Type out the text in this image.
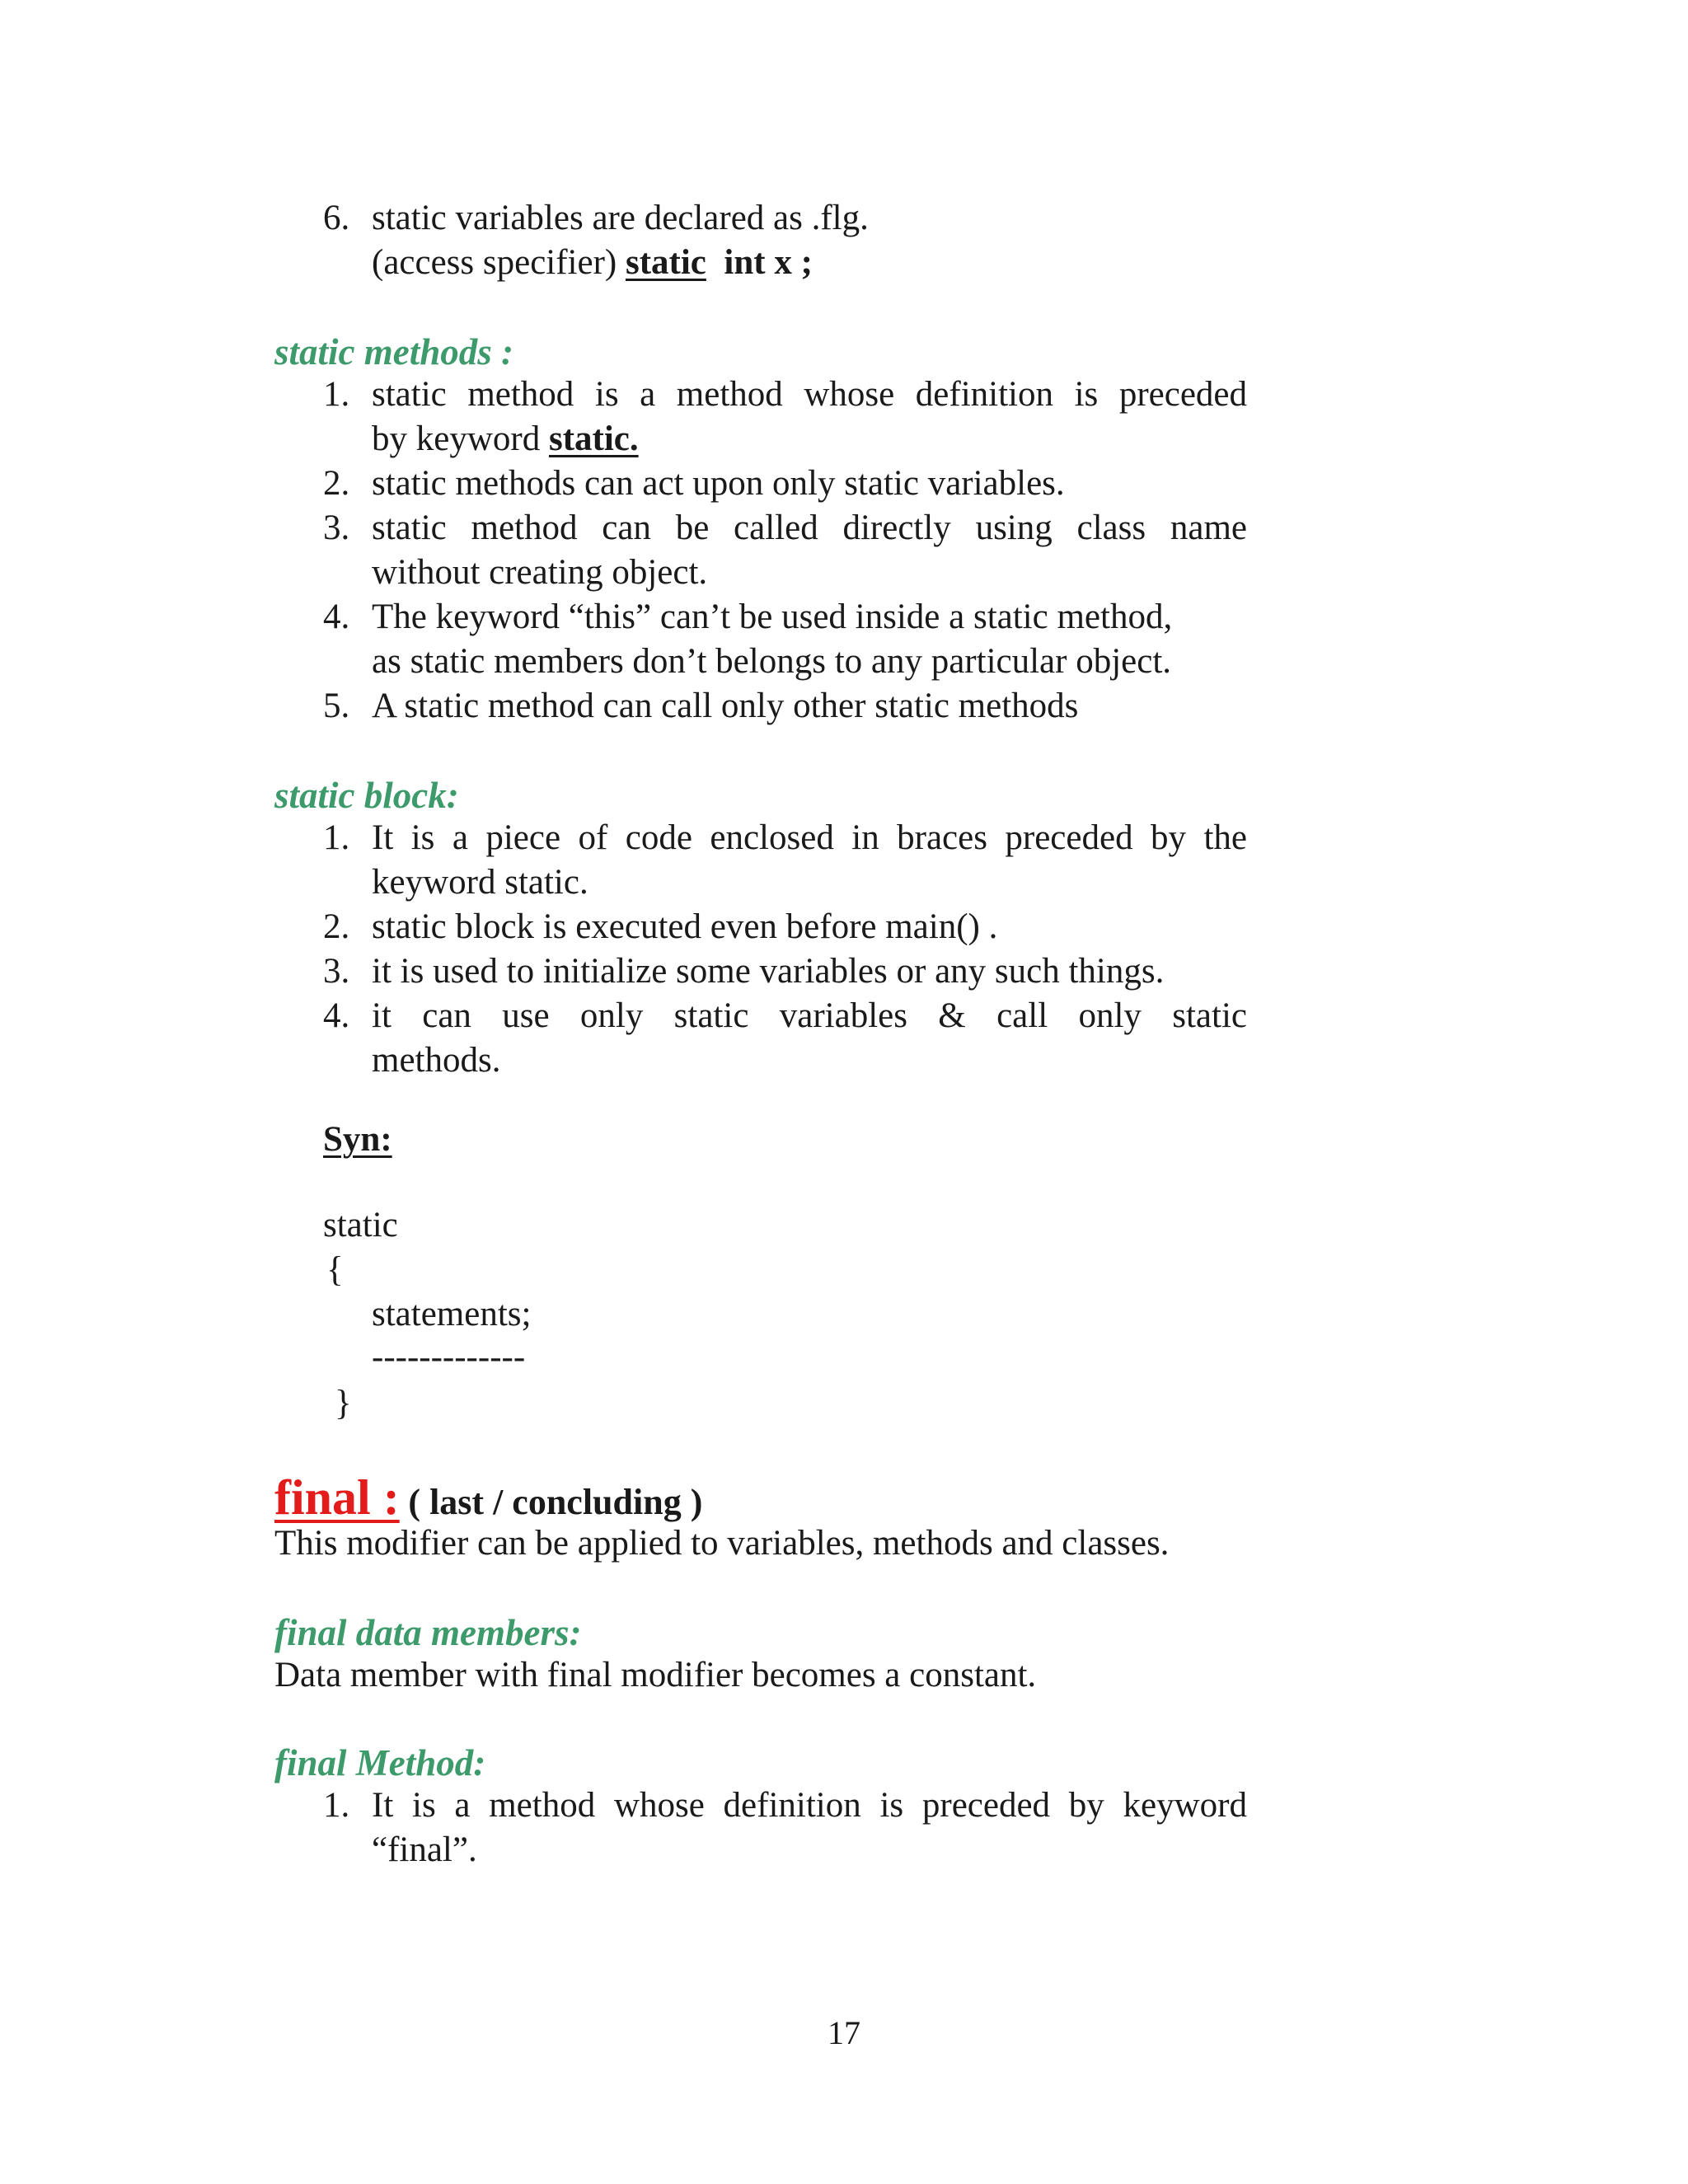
6. static variables are declared as .flg.
(access specifier) static int x ;
static methods :
1. static method is a method whose definition is preceded
by keyword static.
2. static methods can act upon only static variables.
3. static method can be called directly using class name
without creating object.
4. The keyword “this” can’t be used inside a static method,
as static members don’t belongs to any particular object.
5. A static method can call only other static methods
static block:
1. It is a piece of code enclosed in braces preceded by the
keyword static.
2. static block is executed even before main() .
3. it is used to initialize some variables or any such things.
4. it can use only static variables & call only static
methods.
Syn:
static
{
statements;
-------------
}
final : ( last / concluding )
This modifier can be applied to variables, methods and classes.
final data members:
Data member with final modifier becomes a constant.
final Method:
1. It is a method whose definition is preceded by keyword
“final”.
17
